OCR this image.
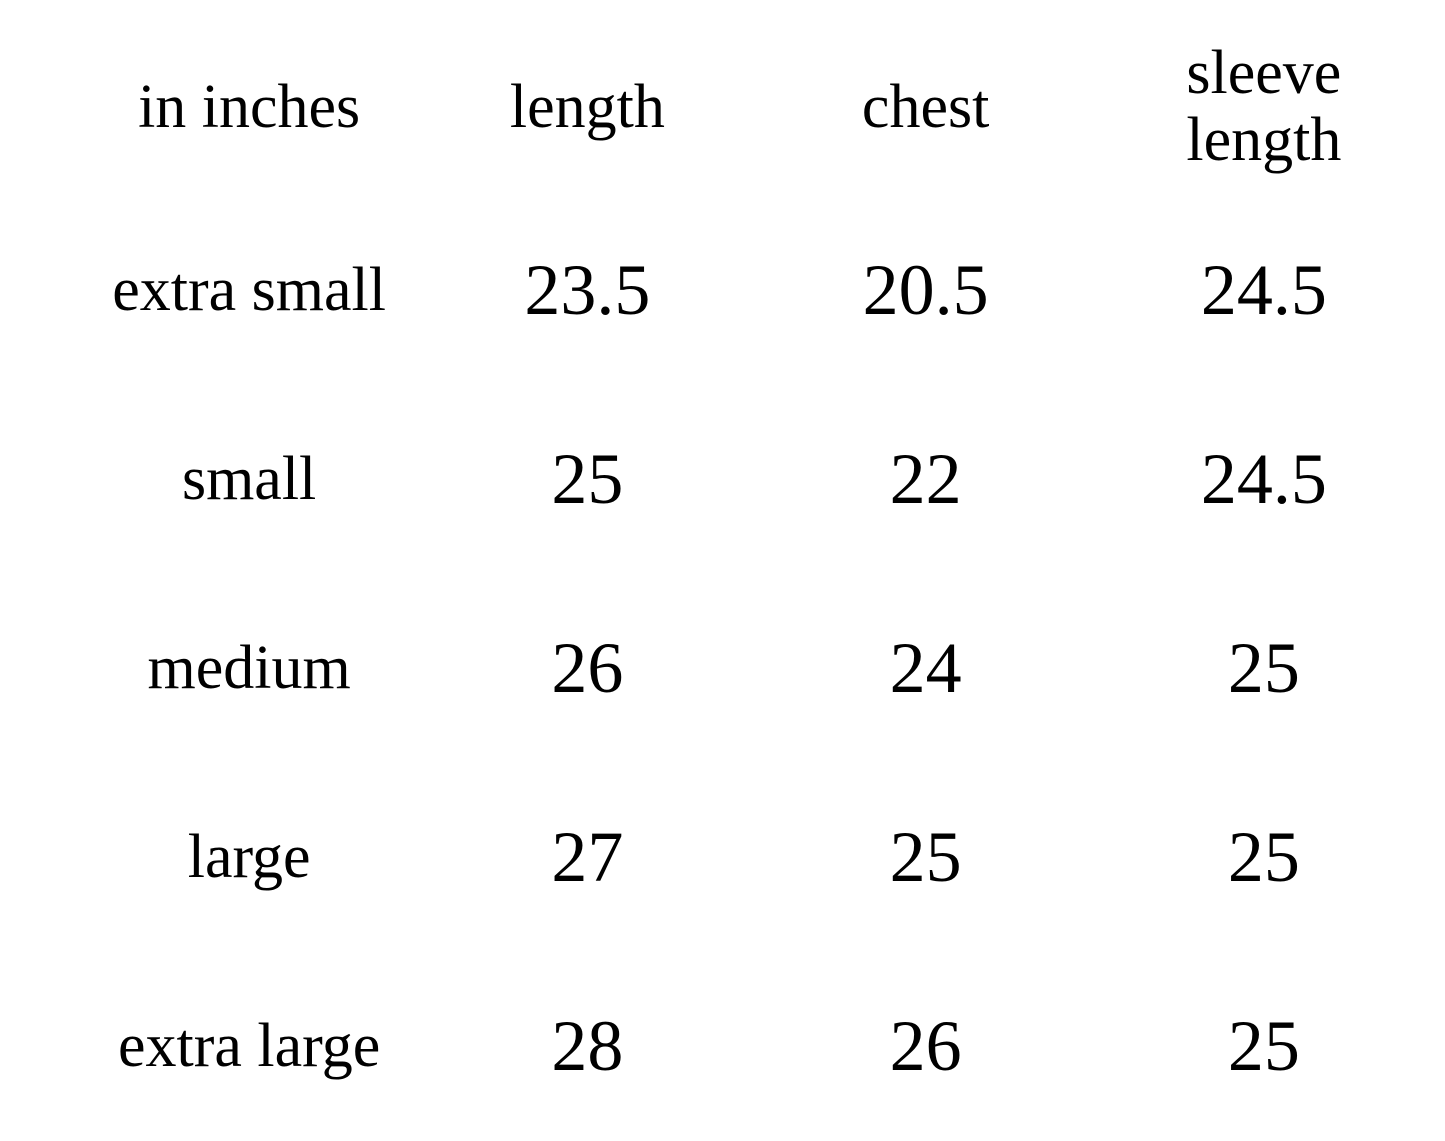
in inches	length	chest	sleeve length
extra small	23.5	20.5	24.5
small	25	22	24.5
medium	26	24	25
large	27	25	25
extra large	28	26	25
